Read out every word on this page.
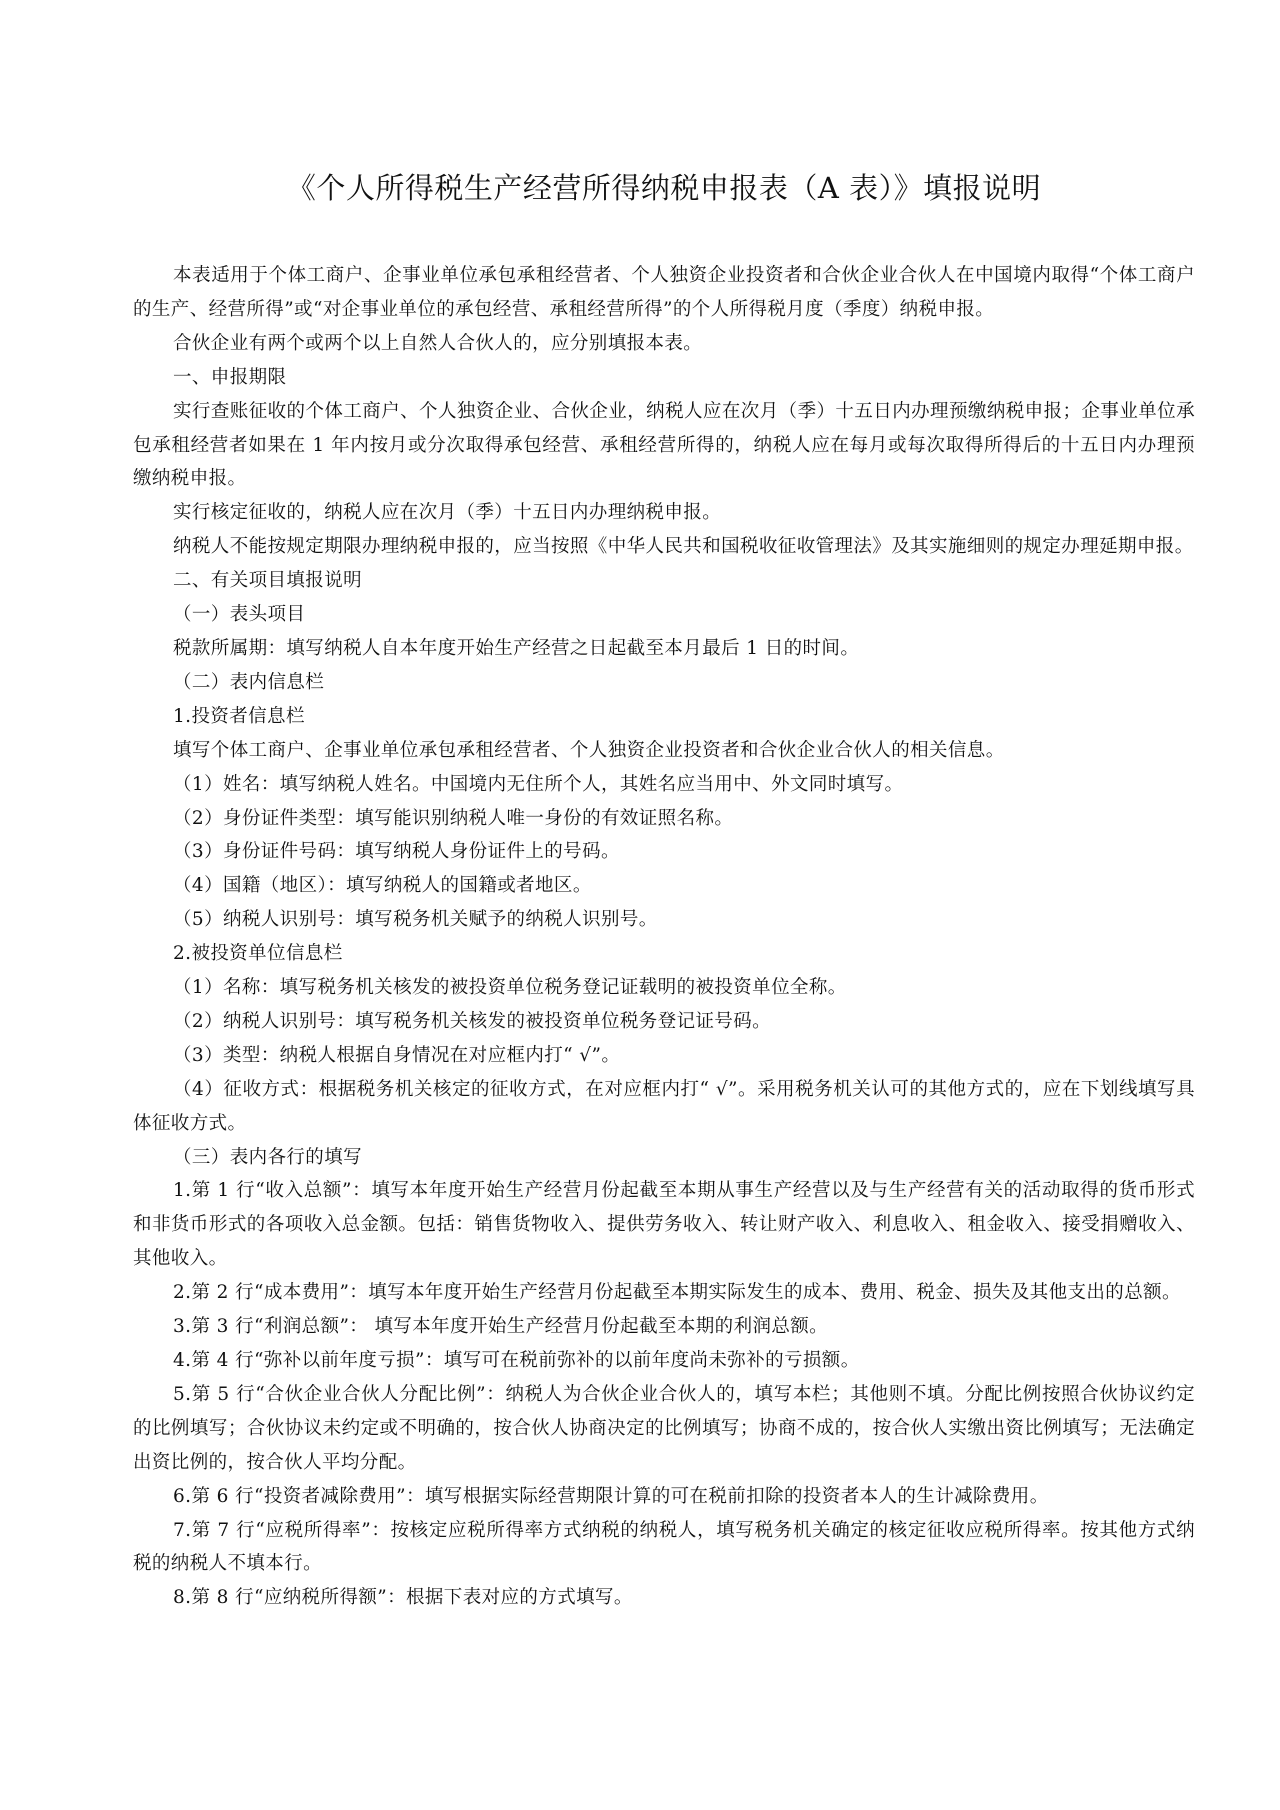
《个人所得税生产经营所得纳税申报表（A 表）》填报说明

本表适用于个体工商户、企事业单位承包承租经营者、个人独资企业投资者和合伙企业合伙人在中国境内取得“个体工商户的生产、经营所得”或“对企事业单位的承包经营、承租经营所得”的个人所得税月度（季度）纳税申报。

合伙企业有两个或两个以上自然人合伙人的，应分别填报本表。

一、申报期限

实行查账征收的个体工商户、个人独资企业、合伙企业，纳税人应在次月（季）十五日内办理预缴纳税申报；企事业单位承包承租经营者如果在 1 年内按月或分次取得承包经营、承租经营所得的，纳税人应在每月或每次取得所得后的十五日内办理预缴纳税申报。

实行核定征收的，纳税人应在次月（季）十五日内办理纳税申报。

纳税人不能按规定期限办理纳税申报的，应当按照《中华人民共和国税收征收管理法》及其实施细则的规定办理延期申报。

二、有关项目填报说明

（一）表头项目

税款所属期：填写纳税人自本年度开始生产经营之日起截至本月最后 1 日的时间。

（二）表内信息栏

1.投资者信息栏

填写个体工商户、企事业单位承包承租经营者、个人独资企业投资者和合伙企业合伙人的相关信息。

（1）姓名：填写纳税人姓名。中国境内无住所个人，其姓名应当用中、外文同时填写。

（2）身份证件类型：填写能识别纳税人唯一身份的有效证照名称。

（3）身份证件号码：填写纳税人身份证件上的号码。

（4）国籍（地区）：填写纳税人的国籍或者地区。

（5）纳税人识别号：填写税务机关赋予的纳税人识别号。

2.被投资单位信息栏

（1）名称：填写税务机关核发的被投资单位税务登记证载明的被投资单位全称。

（2）纳税人识别号：填写税务机关核发的被投资单位税务登记证号码。

（3）类型：纳税人根据自身情况在对应框内打“ √”。

（4）征收方式：根据税务机关核定的征收方式，在对应框内打“ √”。采用税务机关认可的其他方式的，应在下划线填写具体征收方式。

（三）表内各行的填写

1.第 1 行“收入总额”：填写本年度开始生产经营月份起截至本期从事生产经营以及与生产经营有关的活动取得的货币形式和非货币形式的各项收入总金额。包括：销售货物收入、提供劳务收入、转让财产收入、利息收入、租金收入、接受捐赠收入、其他收入。

2.第 2 行“成本费用”：填写本年度开始生产经营月份起截至本期实际发生的成本、费用、税金、损失及其他支出的总额。

3.第 3 行“利润总额”： 填写本年度开始生产经营月份起截至本期的利润总额。

4.第 4 行“弥补以前年度亏损”：填写可在税前弥补的以前年度尚未弥补的亏损额。

5.第 5 行“合伙企业合伙人分配比例”：纳税人为合伙企业合伙人的，填写本栏；其他则不填。分配比例按照合伙协议约定的比例填写；合伙协议未约定或不明确的，按合伙人协商决定的比例填写；协商不成的，按合伙人实缴出资比例填写；无法确定出资比例的，按合伙人平均分配。

6.第 6 行“投资者减除费用”：填写根据实际经营期限计算的可在税前扣除的投资者本人的生计减除费用。

7.第 7 行“应税所得率”：按核定应税所得率方式纳税的纳税人，填写税务机关确定的核定征收应税所得率。按其他方式纳税的纳税人不填本行。

8.第 8 行“应纳税所得额”：根据下表对应的方式填写。
